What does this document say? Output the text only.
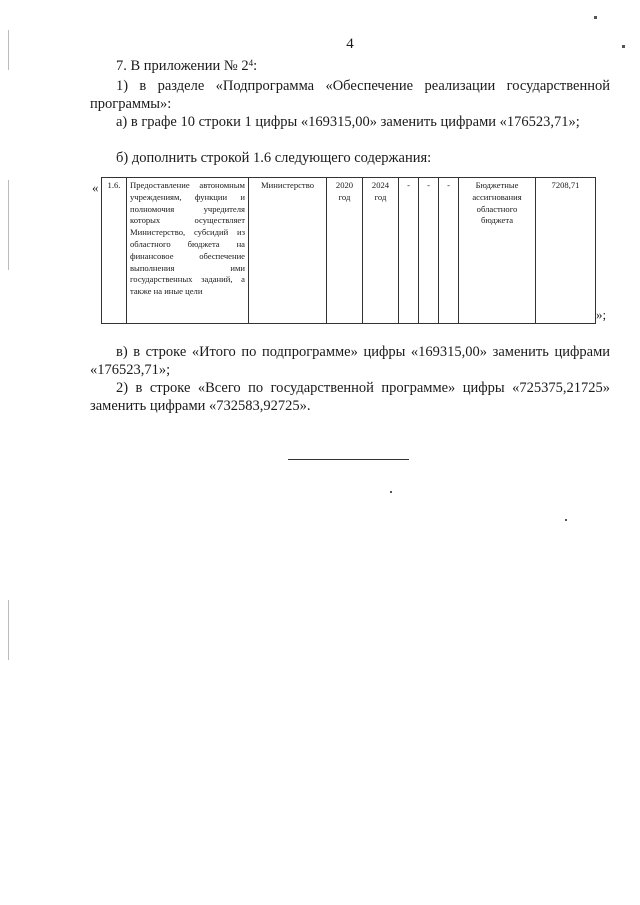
4
7. В приложении № $2^4$:
1) в разделе «Подпрограмма «Обеспечение реализации государственной программы»:
а) в графе 10 строки 1 цифры «169315,00» заменить цифрами «176523,71»;
б) дополнить строкой 1.6 следующего содержания:
« 1.6.	Предоставление автономным учреждениям, функции и полномочия учредителя которых осуществляет Министерство, субсидий из областного бюджета на финансовое обеспечение выполнения ими государственных заданий, а также на иные цели	Министерство	2020 год	2024 год	-	-	-	Бюджетные ассигнования областного бюджета	7208,71
»;
в) в строке «Итого по подпрограмме» цифры «169315,00» заменить цифрами «176523,71»;
2) в строке «Всего по государственной программе» цифры «725375,21725» заменить цифрами «732583,92725».
